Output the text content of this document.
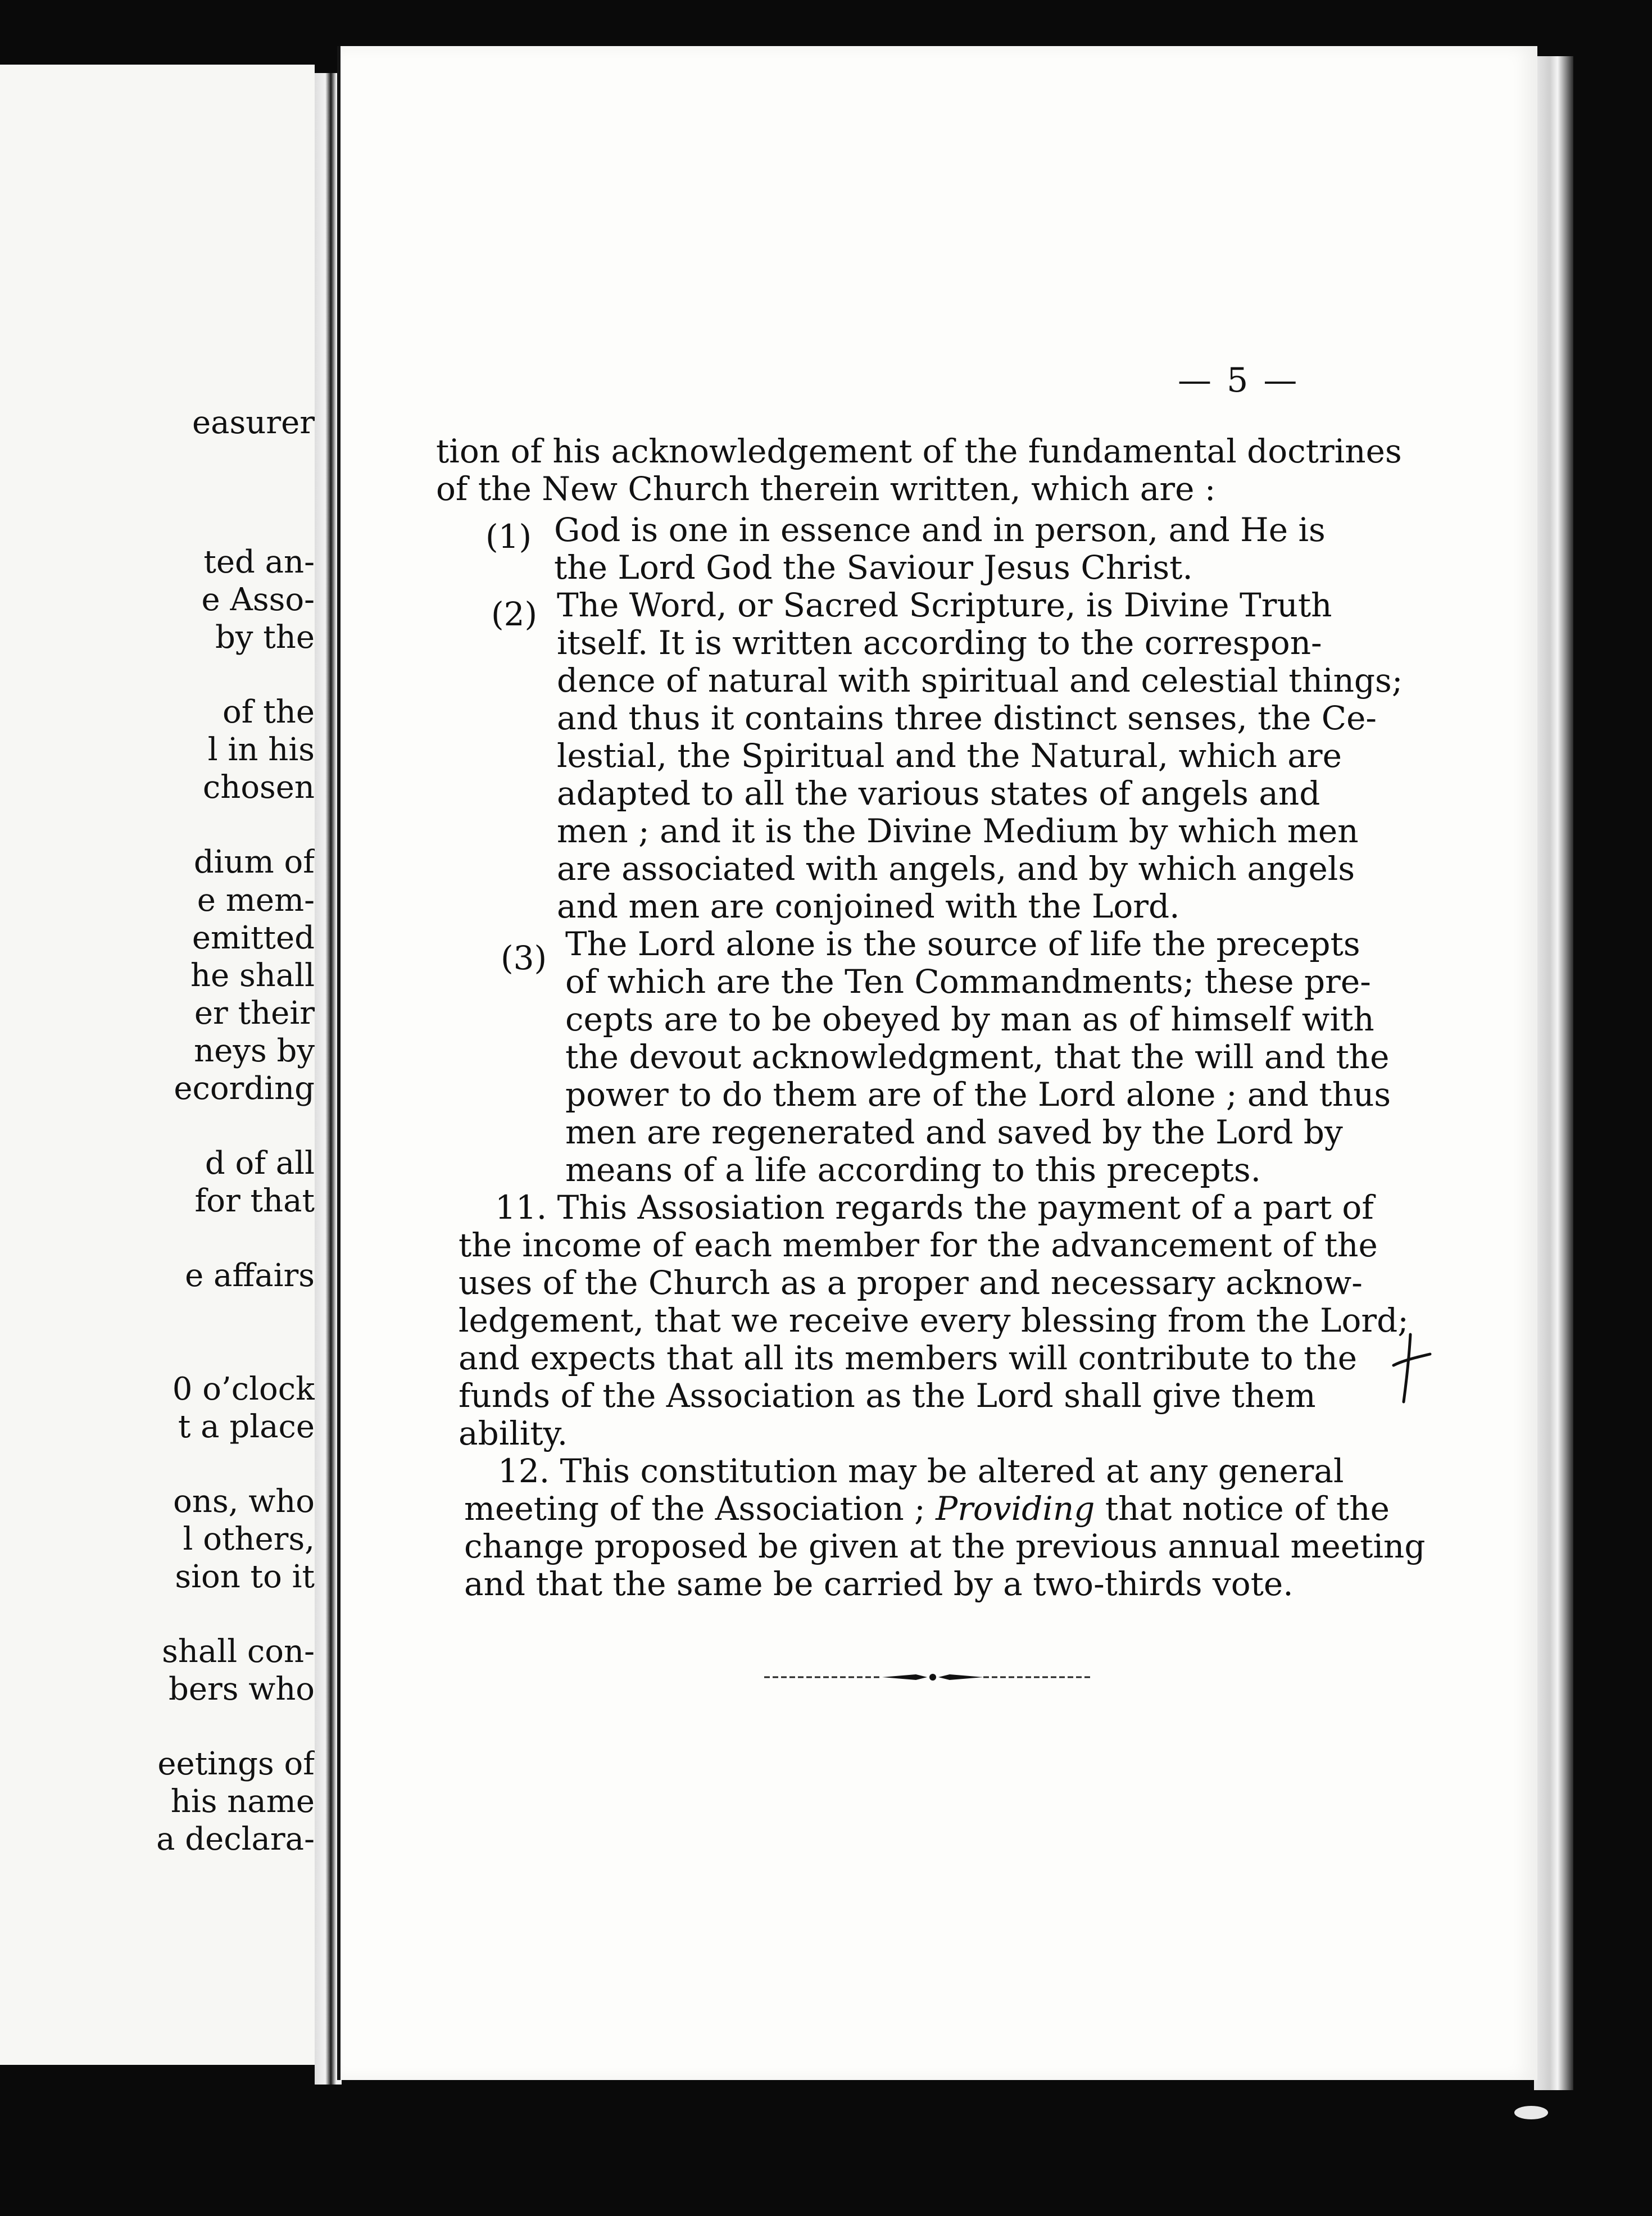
easurer
ted an-
e Asso-
by the
of the
l in his
chosen
dium of
e mem-
emitted
he shall
er their
neys by
ecording
d of all
for that
e affairs
0 o’clock
t a place
ons, who
l others,
sion to it
shall con-
bers who
eetings of
his name
a declara-
— 5 —
tion of his acknowledgement of the fundamental doctrines
of the New Church therein written, which are :
(1) God is one in essence and in person, and He is
the Lord God the Saviour Jesus Christ.
(2) The Word, or Sacred Scripture, is Divine Truth
itself. It is written according to the correspon-
dence of natural with spiritual and celestial things;
and thus it contains three distinct senses, the Ce-
lestial, the Spiritual and the Natural, which are
adapted to all the various states of angels and
men ; and it is the Divine Medium by which men
are associated with angels, and by which angels
and men are conjoined with the Lord.
(3) The Lord alone is the source of life the precepts
of which are the Ten Commandments; these pre-
cepts are to be obeyed by man as of himself with
the devout acknowledgment, that the will and the
power to do them are of the Lord alone ; and thus
men are regenerated and saved by the Lord by
means of a life according to this precepts.
11. This Assosiation regards the payment of a part of
the income of each member for the advancement of the
uses of the Church as a proper and necessary acknow-
ledgement, that we receive every blessing from the Lord;
and expects that all its members will contribute to the
funds of the Association as the Lord shall give them
ability.
12. This constitution may be altered at any general
meeting of the Association ; Providing that notice of the
change proposed be given at the previous annual meeting
and that the same be carried by a two-thirds vote.
